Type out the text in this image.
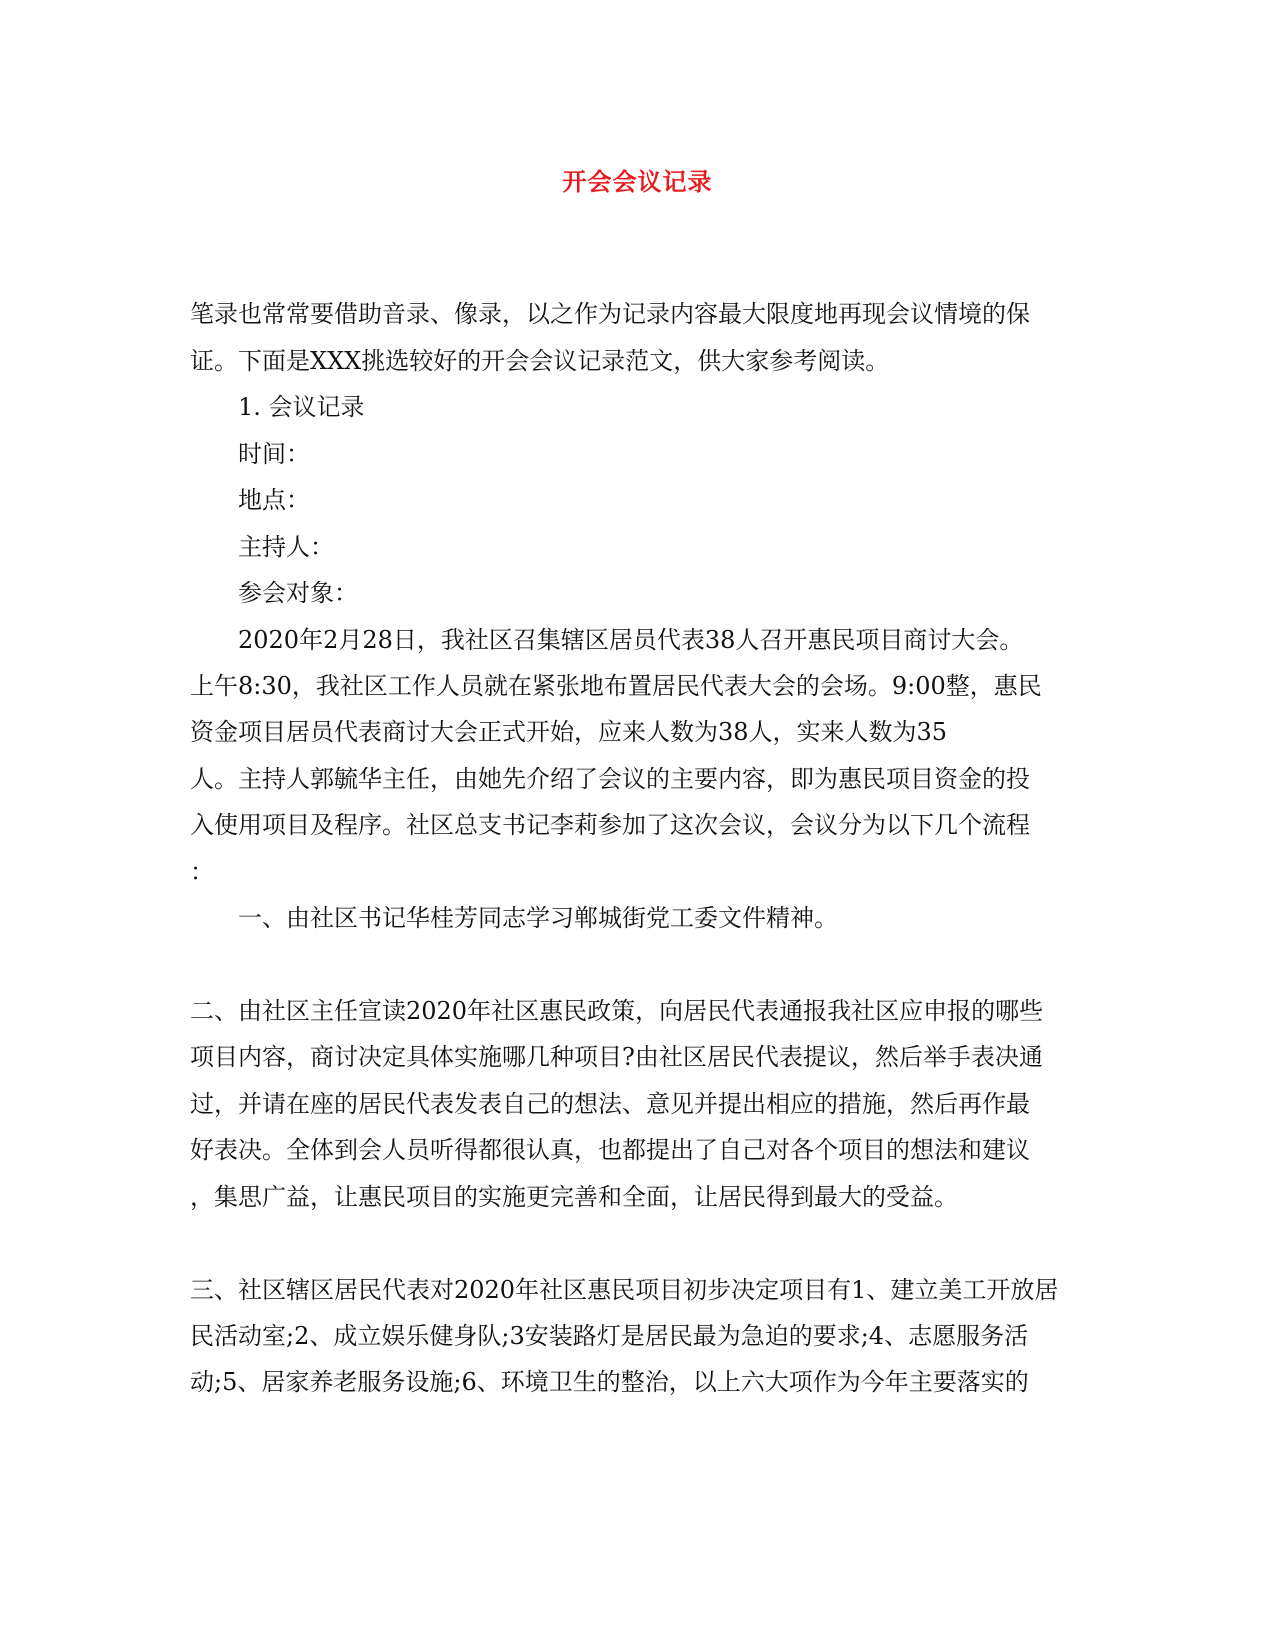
开会会议记录
笔录也常常要借助音录、像录，以之作为记录内容最大限度地再现会议情境的保
证。下面是XXX挑选较好的开会会议记录范文，供大家参考阅读。
1. 会议记录
时间：
地点：
主持人：
参会对象：
2020年2月28日，我社区召集辖区居员代表38人召开惠民项目商讨大会。
上午8:30，我社区工作人员就在紧张地布置居民代表大会的会场。9:00整，惠民
资金项目居员代表商讨大会正式开始，应来人数为38人，实来人数为35
人。主持人郭毓华主任，由她先介绍了会议的主要内容，即为惠民项目资金的投
入使用项目及程序。社区总支书记李莉参加了这次会议，会议分为以下几个流程
：
一、由社区书记华桂芳同志学习郸城街党工委文件精神。
二、由社区主任宣读2020年社区惠民政策，向居民代表通报我社区应申报的哪些
项目内容，商讨决定具体实施哪几种项目?由社区居民代表提议，然后举手表决通
过，并请在座的居民代表发表自己的想法、意见并提出相应的措施，然后再作最
好表决。全体到会人员听得都很认真，也都提出了自己对各个项目的想法和建议
，集思广益，让惠民项目的实施更完善和全面，让居民得到最大的受益。
三、社区辖区居民代表对2020年社区惠民项目初步决定项目有1、建立美工开放居
民活动室;2、成立娱乐健身队;3安装路灯是居民最为急迫的要求;4、志愿服务活
动;5、居家养老服务设施;6、环境卫生的整治，以上六大项作为今年主要落实的
